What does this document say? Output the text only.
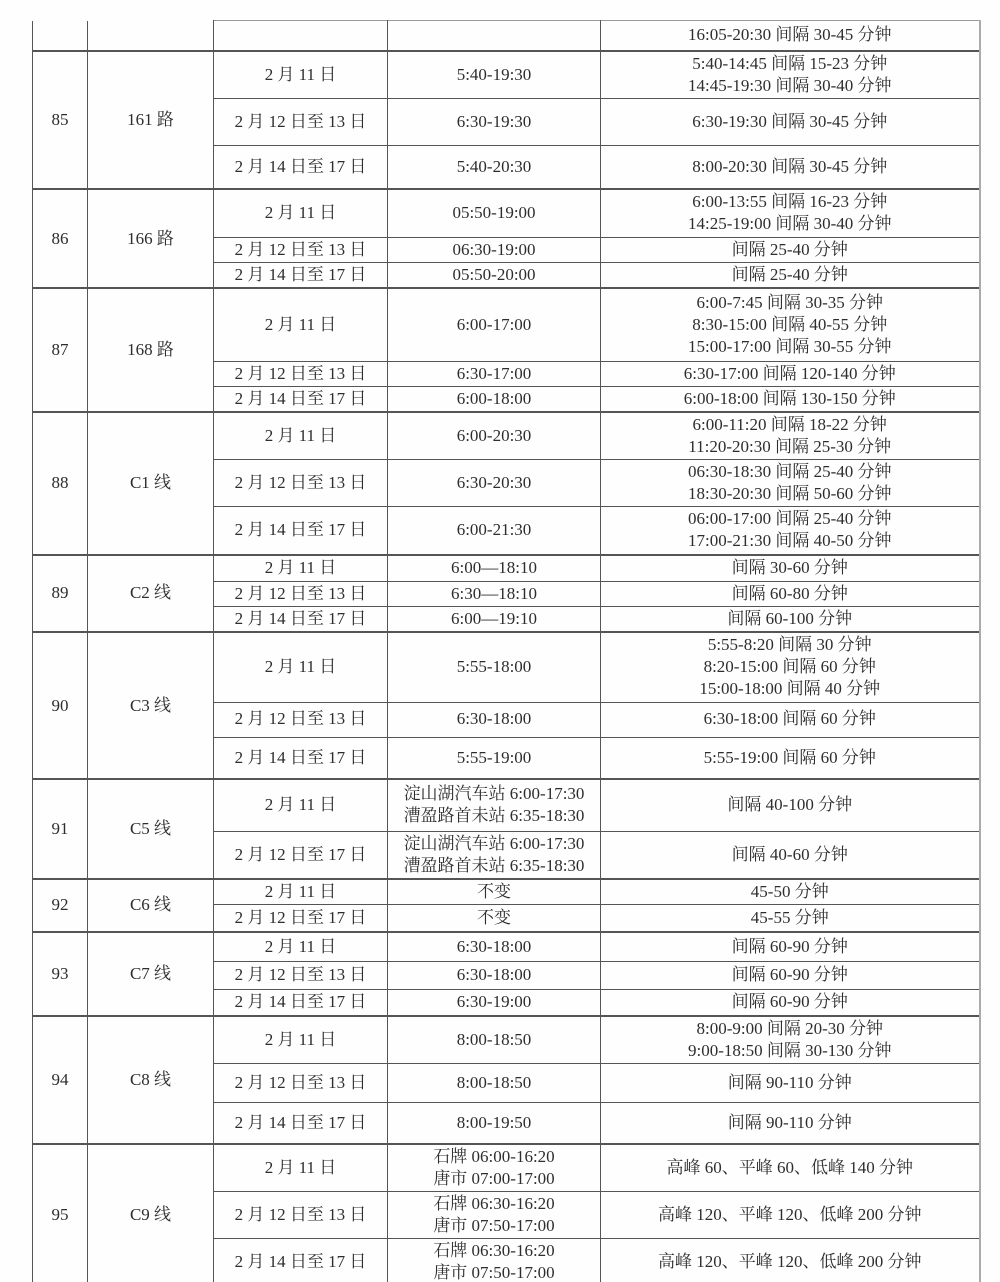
				16:05-20:30 间隔 30-45 分钟

85	161 路	2 月 11 日	5:40-19:30	5:40-14:45 间隔 15-23 分钟
14:45-19:30 间隔 30-40 分钟

		2 月 12 日至 13 日	6:30-19:30	6:30-19:30 间隔 30-45 分钟

		2 月 14 日至 17 日	5:40-20:30	8:00-20:30 间隔 30-45 分钟

86	166 路	2 月 11 日	05:50-19:00	6:00-13:55 间隔 16-23 分钟
14:25-19:00 间隔 30-40 分钟

		2 月 12 日至 13 日	06:30-19:00	间隔 25-40 分钟

		2 月 14 日至 17 日	05:50-20:00	间隔 25-40 分钟

87	168 路	2 月 11 日	6:00-17:00	6:00-7:45 间隔 30-35 分钟
8:30-15:00 间隔 40-55 分钟
15:00-17:00 间隔 30-55 分钟

		2 月 12 日至 13 日	6:30-17:00	6:30-17:00 间隔 120-140 分钟

		2 月 14 日至 17 日	6:00-18:00	6:00-18:00 间隔 130-150 分钟

88	C1 线	2 月 11 日	6:00-20:30	6:00-11:20 间隔 18-22 分钟
11:20-20:30 间隔 25-30 分钟

		2 月 12 日至 13 日	6:30-20:30	06:30-18:30 间隔 25-40 分钟
18:30-20:30 间隔 50-60 分钟

		2 月 14 日至 17 日	6:00-21:30	06:00-17:00 间隔 25-40 分钟
17:00-21:30 间隔 40-50 分钟

89	C2 线	2 月 11 日	6:00—18:10	间隔 30-60 分钟

		2 月 12 日至 13 日	6:30—18:10	间隔 60-80 分钟

		2 月 14 日至 17 日	6:00—19:10	间隔 60-100 分钟

90	C3 线	2 月 11 日	5:55-18:00	5:55-8:20 间隔 30 分钟
8:20-15:00 间隔 60 分钟
15:00-18:00 间隔 40 分钟

		2 月 12 日至 13 日	6:30-18:00	6:30-18:00 间隔 60 分钟

		2 月 14 日至 17 日	5:55-19:00	5:55-19:00 间隔 60 分钟

91	C5 线	2 月 11 日	淀山湖汽车站 6:00-17:30
漕盈路首未站 6:35-18:30	间隔 40-100 分钟

		2 月 12 日至 17 日	淀山湖汽车站 6:00-17:30
漕盈路首未站 6:35-18:30	间隔 40-60 分钟

92	C6 线	2 月 11 日	不变	45-50 分钟

		2 月 12 日至 17 日	不变	45-55 分钟

93	C7 线	2 月 11 日	6:30-18:00	间隔 60-90 分钟

		2 月 12 日至 13 日	6:30-18:00	间隔 60-90 分钟

		2 月 14 日至 17 日	6:30-19:00	间隔 60-90 分钟

94	C8 线	2 月 11 日	8:00-18:50	8:00-9:00 间隔 20-30 分钟
9:00-18:50 间隔 30-130 分钟

		2 月 12 日至 13 日	8:00-18:50	间隔 90-110 分钟

		2 月 14 日至 17 日	8:00-19:50	间隔 90-110 分钟

95	C9 线	2 月 11 日	石牌 06:00-16:20
唐市 07:00-17:00	高峰 60、平峰 60、低峰 140 分钟

		2 月 12 日至 13 日	石牌 06:30-16:20
唐市 07:50-17:00	高峰 120、平峰 120、低峰 200 分钟

		2 月 14 日至 17 日	石牌 06:30-16:20
唐市 07:50-17:00	高峰 120、平峰 120、低峰 200 分钟
